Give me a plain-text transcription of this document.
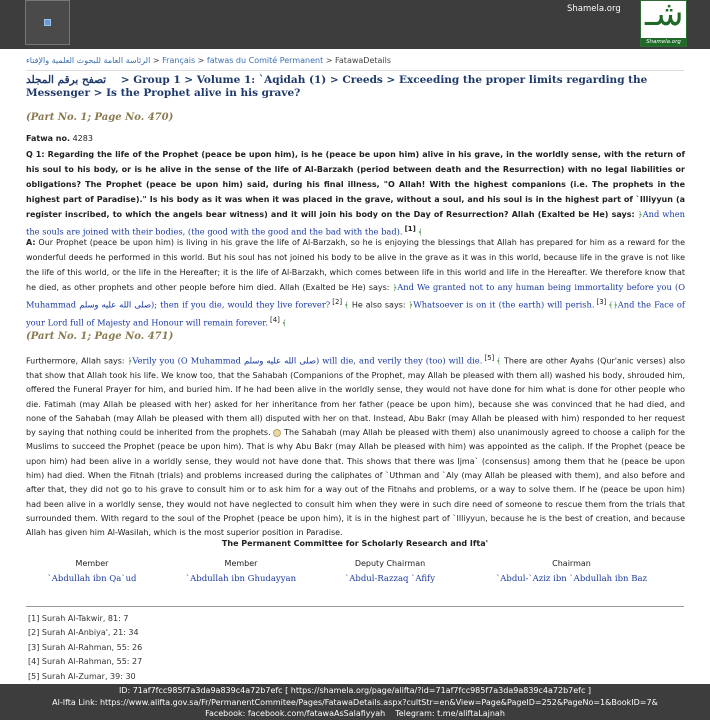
Shamela.org شـ
Shamela.org
الرئاسة العامة للبحوث العلمية والإفتاء > Français > fatwas du Comité Permanent > FatawaDetails
تصفح برقم المجلد > Group 1 > Volume 1: `Aqidah (1) > Creeds > Exceeding the proper limits regarding the Messenger > Is the Prophet alive in his grave?
(Part No. 1; Page No. 470)
Fatwa no. 4283
Q 1: Regarding the life of the Prophet (peace be upon him), is he (peace be upon him) alive in his grave, in the worldly sense, with the return of his soul to his body, or is he alive in the sense of the life of Al-Barzakh (period between death and the Resurrection) with no legal liabilities or obligations? The Prophet (peace be upon him) said, during his final illness, "O Allah! With the highest companions (i.e. The prophets in the highest part of Paradise)." Is his body as it was when it was placed in the grave, without a soul, and his soul is in the highest part of `Illiyyun (a register inscribed, to which the angels bear witness) and it will join his body on the Day of Resurrection? Allah (Exalted be He) says: ﴿And when the souls are joined with their bodies, (the good with the good and the bad with the bad). [1] ﴾
A: Our Prophet (peace be upon him) is living in his grave the life of Al-Barzakh, so he is enjoying the blessings that Allah has prepared for him as a reward for the wonderful deeds he performed in this world. But his soul has not joined his body to be alive in the grave as it was in this world, because life in the grave is not like the life of this world, or the life in the Hereafter; it is the life of Al-Barzakh, which comes between life in this world and life in the Hereafter. We therefore know that he died, as other prophets and other people before him died. Allah (Exalted be He) says: ﴿And We granted not to any human being immortality before you (O Muhammad صلى الله عليه وسلم); then if you die, would they live forever? [2] ﴾ He also says: ﴿Whatsoever is on it (the earth) will perish. [3] ﴾﴿And the Face of your Lord full of Majesty and Honour will remain forever. [4] ﴾
(Part No. 1; Page No. 471)
Furthermore, Allah says: ﴿Verily you (O Muhammad صلى الله عليه وسلم) will die, and verily they (too) will die. [5] ﴾ There are other Ayahs (Qur'anic verses) also that show that Allah took his life. We know too, that the Sahabah (Companions of the Prophet, may Allah be pleased with them all) washed his body, shrouded him, offered the Funeral Prayer for him, and buried him. If he had been alive in the worldly sense, they would not have done for him what is done for other people who die. Fatimah (may Allah be pleased with her) asked for her inheritance from her father (peace be upon him), because she was convinced that he had died, and none of the Sahabah (may Allah be pleased with them all) disputed with her on that. Instead, Abu Bakr (may Allah be pleased with him) responded to her request by saying that nothing could be inherited from the prophets. The Sahabah (may Allah be pleased with them) also unanimously agreed to choose a caliph for the Muslims to succeed the Prophet (peace be upon him). That is why Abu Bakr (may Allah be pleased with him) was appointed as the caliph. If the Prophet (peace be upon him) had been alive in a worldly sense, they would not have done that. This shows that there was Ijma` (consensus) among them that he (peace be upon him) had died. When the Fitnah (trials) and problems increased during the caliphates of `Uthman and `Aly (may Allah be pleased with them), and also before and after that, they did not go to his grave to consult him or to ask him for a way out of the Fitnahs and problems, or a way to solve them. If he (peace be upon him) had been alive in a worldly sense, they would not have neglected to consult him when they were in such dire need of someone to rescue them from the trials that surrounded them. With regard to the soul of the Prophet (peace be upon him), it is in the highest part of `Illiyyun, because he is the best of creation, and because Allah has given him Al-Wasilah, which is the most superior position in Paradise.
The Permanent Committee for Scholarly Research and Ifta'
Member
`Abdullah ibn Qa`ud
Member
`Abdullah ibn Ghudayyan
Deputy Chairman
`Abdul-Razzaq `Afify
Chairman
`Abdul-`Aziz ibn `Abdullah ibn Baz
[1] Surah Al-Takwir, 81: 7
[2] Surah Al-Anbiya', 21: 34
[3] Surah Al-Rahman, 55: 26
[4] Surah Al-Rahman, 55: 27
[5] Surah Al-Zumar, 39: 30
ID: 71af7fcc985f7a3da9a839c4a72b7efc [ https://shamela.org/page/alifta/?id=71af7fcc985f7a3da9a839c4a72b7efc ]
Al-Ifta Link: https://www.alifta.gov.sa/Fr/PermanentCommitee/Pages/FatawaDetails.aspx?cultStr=en&View=Page&PageID=252&PageNo=1&BookID=7&
Facebook: facebook.com/fatawaAsSalafiyyah Telegram: t.me/aliftaLajnah
